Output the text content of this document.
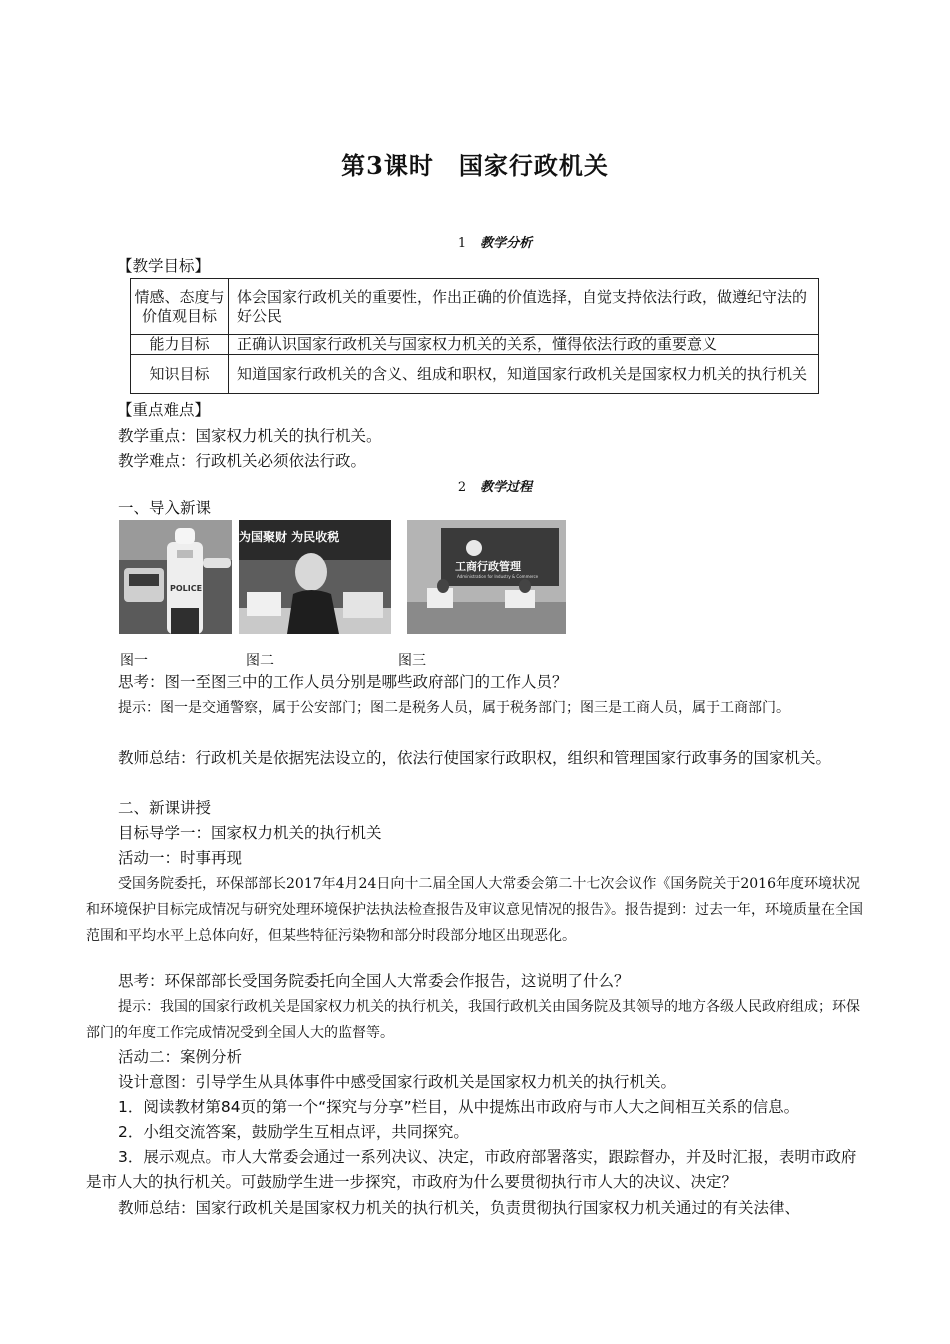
第3课时　国家行政机关
1 教学分析
【教学目标】
情感、态度与价值观目标	体会国家行政机关的重要性，作出正确的价值选择，自觉支持依法行政，做遵纪守法的好公民
能力目标	正确认识国家行政机关与国家权力机关的关系，懂得依法行政的重要意义
知识目标	知道国家行政机关的含义、组成和职权，知道国家行政机关是国家权力机关的执行机关
【重点难点】
教学重点：国家权力机关的执行机关。
教学难点：行政机关必须依法行政。
2 教学过程
一、导入新课
POLICE
为国聚财 为民收税
工商行政管理
Administration for Industry & Commerce
图一	图二	图三
思考：图一至图三中的工作人员分别是哪些政府部门的工作人员？
提示：图一是交通警察，属于公安部门；图二是税务人员，属于税务部门；图三是工商人员，属于工商部门。
教师总结：行政机关是依据宪法设立的，依法行使国家行政职权，组织和管理国家行政事务的国家机关。
二、新课讲授
目标导学一：国家权力机关的执行机关
活动一：时事再现
受国务院委托，环保部部长2017年4月24日向十二届全国人大常委会第二十七次会议作《国务院关于2016年度环境状况和环境保护目标完成情况与研究处理环境保护法执法检查报告及审议意见情况的报告》。报告提到：过去一年，环境质量在全国范围和平均水平上总体向好，但某些特征污染物和部分时段部分地区出现恶化。
思考：环保部部长受国务院委托向全国人大常委会作报告，这说明了什么？
提示：我国的国家行政机关是国家权力机关的执行机关，我国行政机关由国务院及其领导的地方各级人民政府组成；环保部门的年度工作完成情况受到全国人大的监督等。
活动二：案例分析
设计意图：引导学生从具体事件中感受国家行政机关是国家权力机关的执行机关。
1．阅读教材第84页的第一个“探究与分享”栏目，从中提炼出市政府与市人大之间相互关系的信息。
2．小组交流答案，鼓励学生互相点评，共同探究。
3．展示观点。市人大常委会通过一系列决议、决定，市政府部署落实，跟踪督办，并及时汇报，表明市政府是市人大的执行机关。可鼓励学生进一步探究，市政府为什么要贯彻执行市人大的决议、决定？
教师总结：国家行政机关是国家权力机关的执行机关，负责贯彻执行国家权力机关通过的有关法律、
